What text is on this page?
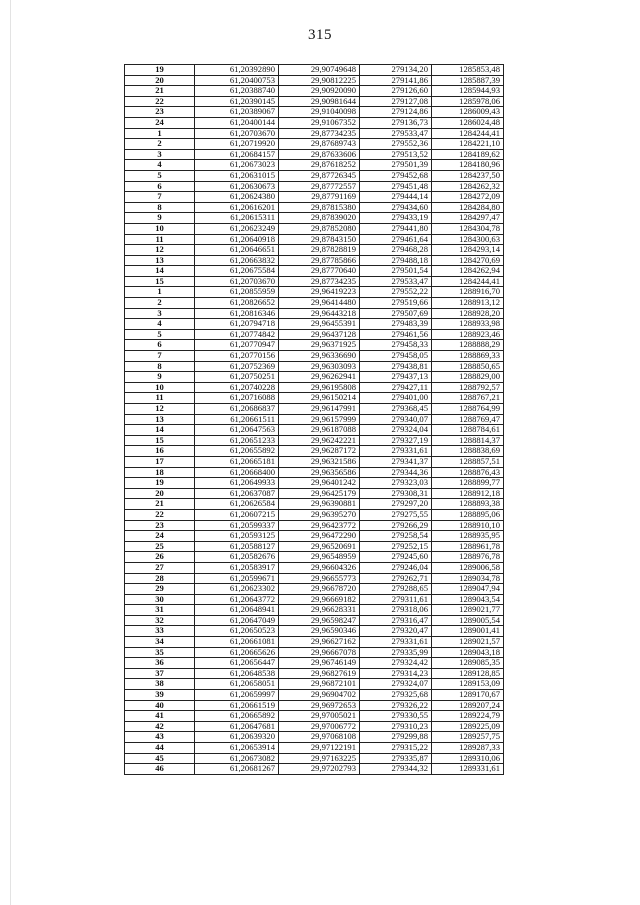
315
19	61,20392890	29,90749648	279134,20	1285853,48
20	61,20400753	29,90812225	279141,86	1285887,39
21	61,20388740	29,90920090	279126,60	1285944,93
22	61,20390145	29,90981644	279127,08	1285978,06
23	61,20389067	29,91040098	279124,86	1286009,43
24	61,20400144	29,91067352	279136,73	1286024,48
1	61,20703670	29,87734235	279533,47	1284244,41
2	61,20719920	29,87689743	279552,36	1284221,10
3	61,20684157	29,87633606	279513,52	1284189,62
4	61,20673023	29,87618252	279501,39	1284180,96
5	61,20631015	29,87726345	279452,68	1284237,50
6	61,20630673	29,87772557	279451,48	1284262,32
7	61,20624380	29,87791169	279444,14	1284272,09
8	61,20616201	29,87815380	279434,60	1284284,80
9	61,20615311	29,87839020	279433,19	1284297,47
10	61,20623249	29,87852080	279441,80	1284304,78
11	61,20640918	29,87843150	279461,64	1284300,63
12	61,20646651	29,87828819	279468,28	1284293,14
13	61,20663832	29,87785866	279488,18	1284270,69
14	61,20675584	29,87770640	279501,54	1284262,94
15	61,20703670	29,87734235	279533,47	1284244,41
1	61,20855959	29,96419223	279552,22	1288916,70
2	61,20826652	29,96414480	279519,66	1288913,12
3	61,20816346	29,96443218	279507,69	1288928,20
4	61,20794718	29,96455391	279483,39	1288933,98
5	61,20774842	29,96437128	279461,56	1288923,46
6	61,20770947	29,96371925	279458,33	1288888,29
7	61,20770156	29,96336690	279458,05	1288869,33
8	61,20752369	29,96303093	279438,81	1288850,65
9	61,20750251	29,96262941	279437,13	1288829,00
10	61,20740228	29,96195808	279427,11	1288792,57
11	61,20716088	29,96150214	279401,00	1288767,21
12	61,20686837	29,96147991	279368,45	1288764,99
13	61,20661511	29,96157999	279340,07	1288769,47
14	61,20647563	29,96187088	279324,04	1288784,61
15	61,20651233	29,96242221	279327,19	1288814,37
16	61,20655892	29,96287172	279331,61	1288838,69
17	61,20665181	29,96321586	279341,37	1288857,51
18	61,20668400	29,96356586	279344,36	1288876,43
19	61,20649933	29,96401242	279323,03	1288899,77
20	61,20637087	29,96425179	279308,31	1288912,18
21	61,20626584	29,96390881	279297,20	1288893,38
22	61,20607215	29,96395270	279275,55	1288895,06
23	61,20599337	29,96423772	279266,29	1288910,10
24	61,20593125	29,96472290	279258,54	1288935,95
25	61,20588127	29,96520691	279252,15	1288961,78
26	61,20582676	29,96548959	279245,60	1288976,78
27	61,20583917	29,96604326	279246,04	1289006,58
28	61,20599671	29,96655773	279262,71	1289034,78
29	61,20623302	29,96678720	279288,65	1289047,94
30	61,20643772	29,96669182	279311,61	1289043,54
31	61,20648941	29,96628331	279318,06	1289021,77
32	61,20647049	29,96598247	279316,47	1289005,54
33	61,20650523	29,96590346	279320,47	1289001,41
34	61,20661081	29,96627162	279331,61	1289021,57
35	61,20665626	29,96667078	279335,99	1289043,18
36	61,20656447	29,96746149	279324,42	1289085,35
37	61,20648538	29,96827619	279314,23	1289128,85
38	61,20658051	29,96872101	279324,07	1289153,09
39	61,20659997	29,96904702	279325,68	1289170,67
40	61,20661519	29,96972653	279326,22	1289207,24
41	61,20665892	29,97005021	279330,55	1289224,79
42	61,20647681	29,97006772	279310,23	1289225,09
43	61,20639320	29,97068108	279299,88	1289257,75
44	61,20653914	29,97122191	279315,22	1289287,33
45	61,20673082	29,97163225	279335,87	1289310,06
46	61,20681267	29,97202793	279344,32	1289331,61
